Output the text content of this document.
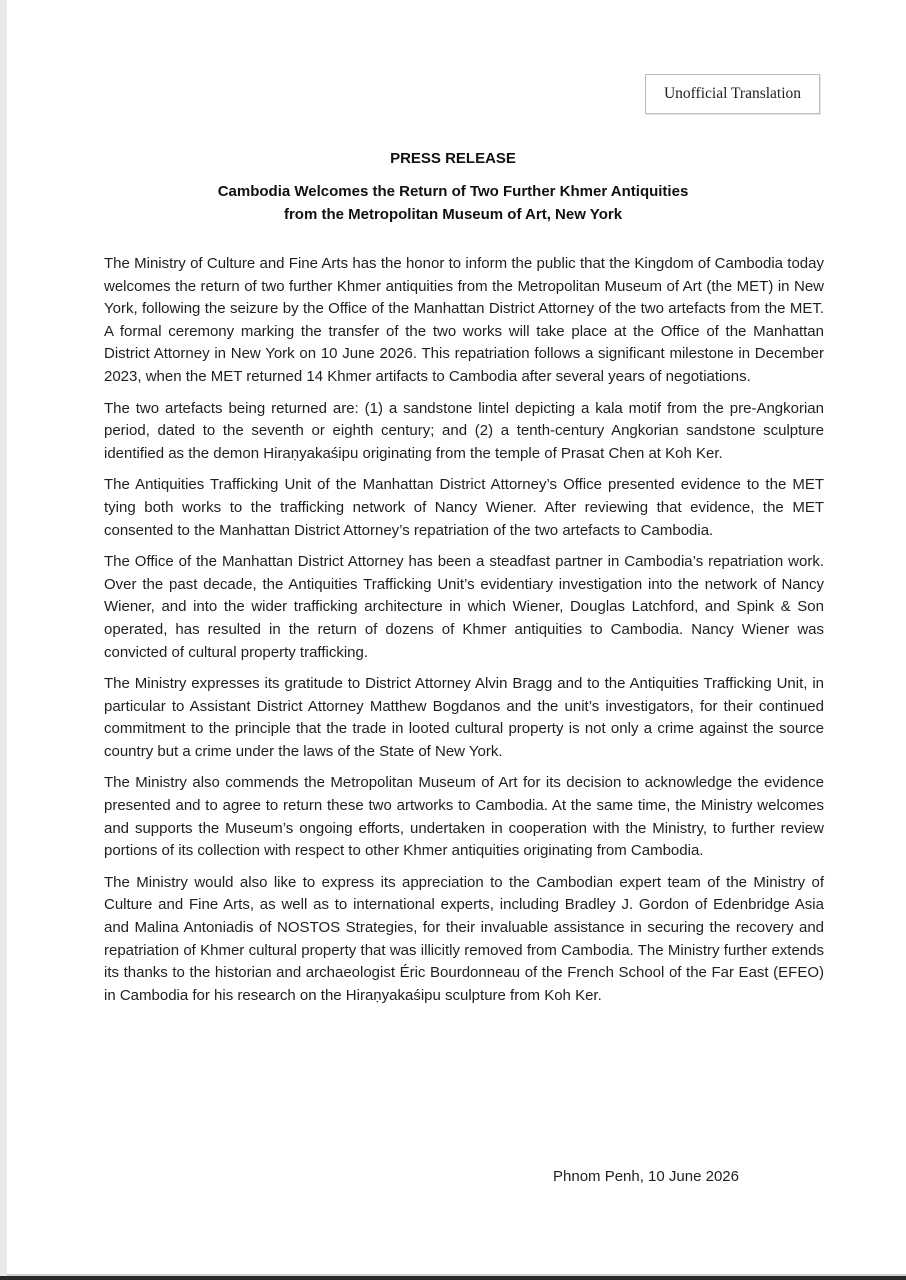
Unofficial Translation
PRESS RELEASE
Cambodia Welcomes the Return of Two Further Khmer Antiquities
from the Metropolitan Museum of Art, New York

The Ministry of Culture and Fine Arts has the honor to inform the public that the Kingdom of Cambodia today welcomes the return of two further Khmer antiquities from the Metropolitan Museum of Art (the MET) in New York, following the seizure by the Office of the Manhattan District Attorney of the two artefacts from the MET. A formal ceremony marking the transfer of the two works will take place at the Office of the Manhattan District Attorney in New York on 10 June 2026. This repatriation follows a significant milestone in December 2023, when the MET returned 14 Khmer artifacts to Cambodia after several years of negotiations.

The two artefacts being returned are: (1) a sandstone lintel depicting a kala motif from the pre-Angkorian period, dated to the seventh or eighth century; and (2) a tenth-century Angkorian sandstone sculpture identified as the demon Hiraṇyakaśipu originating from the temple of Prasat Chen at Koh Ker.

The Antiquities Trafficking Unit of the Manhattan District Attorney’s Office presented evidence to the MET tying both works to the trafficking network of Nancy Wiener. After reviewing that evidence, the MET consented to the Manhattan District Attorney’s repatriation of the two artefacts to Cambodia.

The Office of the Manhattan District Attorney has been a steadfast partner in Cambodia’s repatriation work. Over the past decade, the Antiquities Trafficking Unit’s evidentiary investigation into the network of Nancy Wiener, and into the wider trafficking architecture in which Wiener, Douglas Latchford, and Spink & Son operated, has resulted in the return of dozens of Khmer antiquities to Cambodia. Nancy Wiener was convicted of cultural property trafficking.

The Ministry expresses its gratitude to District Attorney Alvin Bragg and to the Antiquities Trafficking Unit, in particular to Assistant District Attorney Matthew Bogdanos and the unit’s investigators, for their continued commitment to the principle that the trade in looted cultural property is not only a crime against the source country but a crime under the laws of the State of New York.

The Ministry also commends the Metropolitan Museum of Art for its decision to acknowledge the evidence presented and to agree to return these two artworks to Cambodia. At the same time, the Ministry welcomes and supports the Museum’s ongoing efforts, undertaken in cooperation with the Ministry, to further review portions of its collection with respect to other Khmer antiquities originating from Cambodia.

The Ministry would also like to express its appreciation to the Cambodian expert team of the Ministry of Culture and Fine Arts, as well as to international experts, including Bradley J. Gordon of Edenbridge Asia and Malina Antoniadis of NOSTOS Strategies, for their invaluable assistance in securing the recovery and repatriation of Khmer cultural property that was illicitly removed from Cambodia. The Ministry further extends its thanks to the historian and archaeologist Éric Bourdonneau of the French School of the Far East (EFEO) in Cambodia for his research on the Hiraṇyakaśipu sculpture from Koh Ker.

Phnom Penh, 10 June 2026
